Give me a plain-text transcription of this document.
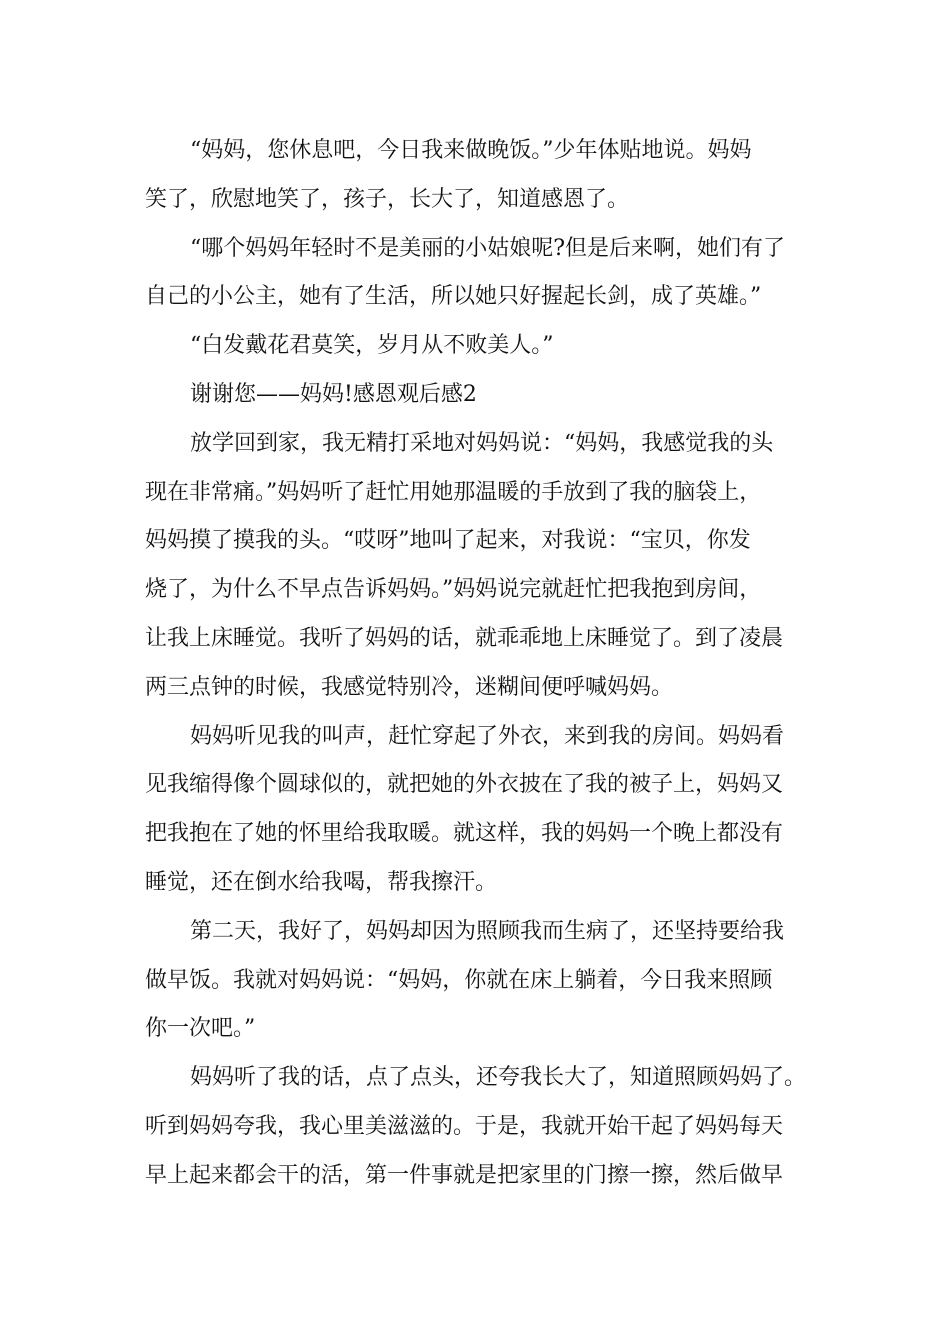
“妈妈，您休息吧，今日我来做晚饭。”少年体贴地说。妈妈
笑了，欣慰地笑了，孩子，长大了，知道感恩了。
“哪个妈妈年轻时不是美丽的小姑娘呢?但是后来啊，她们有了
自己的小公主，她有了生活，所以她只好握起长剑，成了英雄。”
“白发戴花君莫笑，岁月从不败美人。”
谢谢您——妈妈!感恩观后感2
放学回到家，我无精打采地对妈妈说：“妈妈，我感觉我的头
现在非常痛。”妈妈听了赶忙用她那温暖的手放到了我的脑袋上，
妈妈摸了摸我的头。“哎呀”地叫了起来，对我说：“宝贝，你发
烧了，为什么不早点告诉妈妈。”妈妈说完就赶忙把我抱到房间，
让我上床睡觉。我听了妈妈的话，就乖乖地上床睡觉了。到了凌晨
两三点钟的时候，我感觉特别冷，迷糊间便呼喊妈妈。
妈妈听见我的叫声，赶忙穿起了外衣，来到我的房间。妈妈看
见我缩得像个圆球似的，就把她的外衣披在了我的被子上，妈妈又
把我抱在了她的怀里给我取暖。就这样，我的妈妈一个晚上都没有
睡觉，还在倒水给我喝，帮我擦汗。
第二天，我好了，妈妈却因为照顾我而生病了，还坚持要给我
做早饭。我就对妈妈说：“妈妈，你就在床上躺着，今日我来照顾
你一次吧。”
妈妈听了我的话，点了点头，还夸我长大了，知道照顾妈妈了。
听到妈妈夸我，我心里美滋滋的。于是，我就开始干起了妈妈每天
早上起来都会干的活，第一件事就是把家里的门擦一擦，然后做早
